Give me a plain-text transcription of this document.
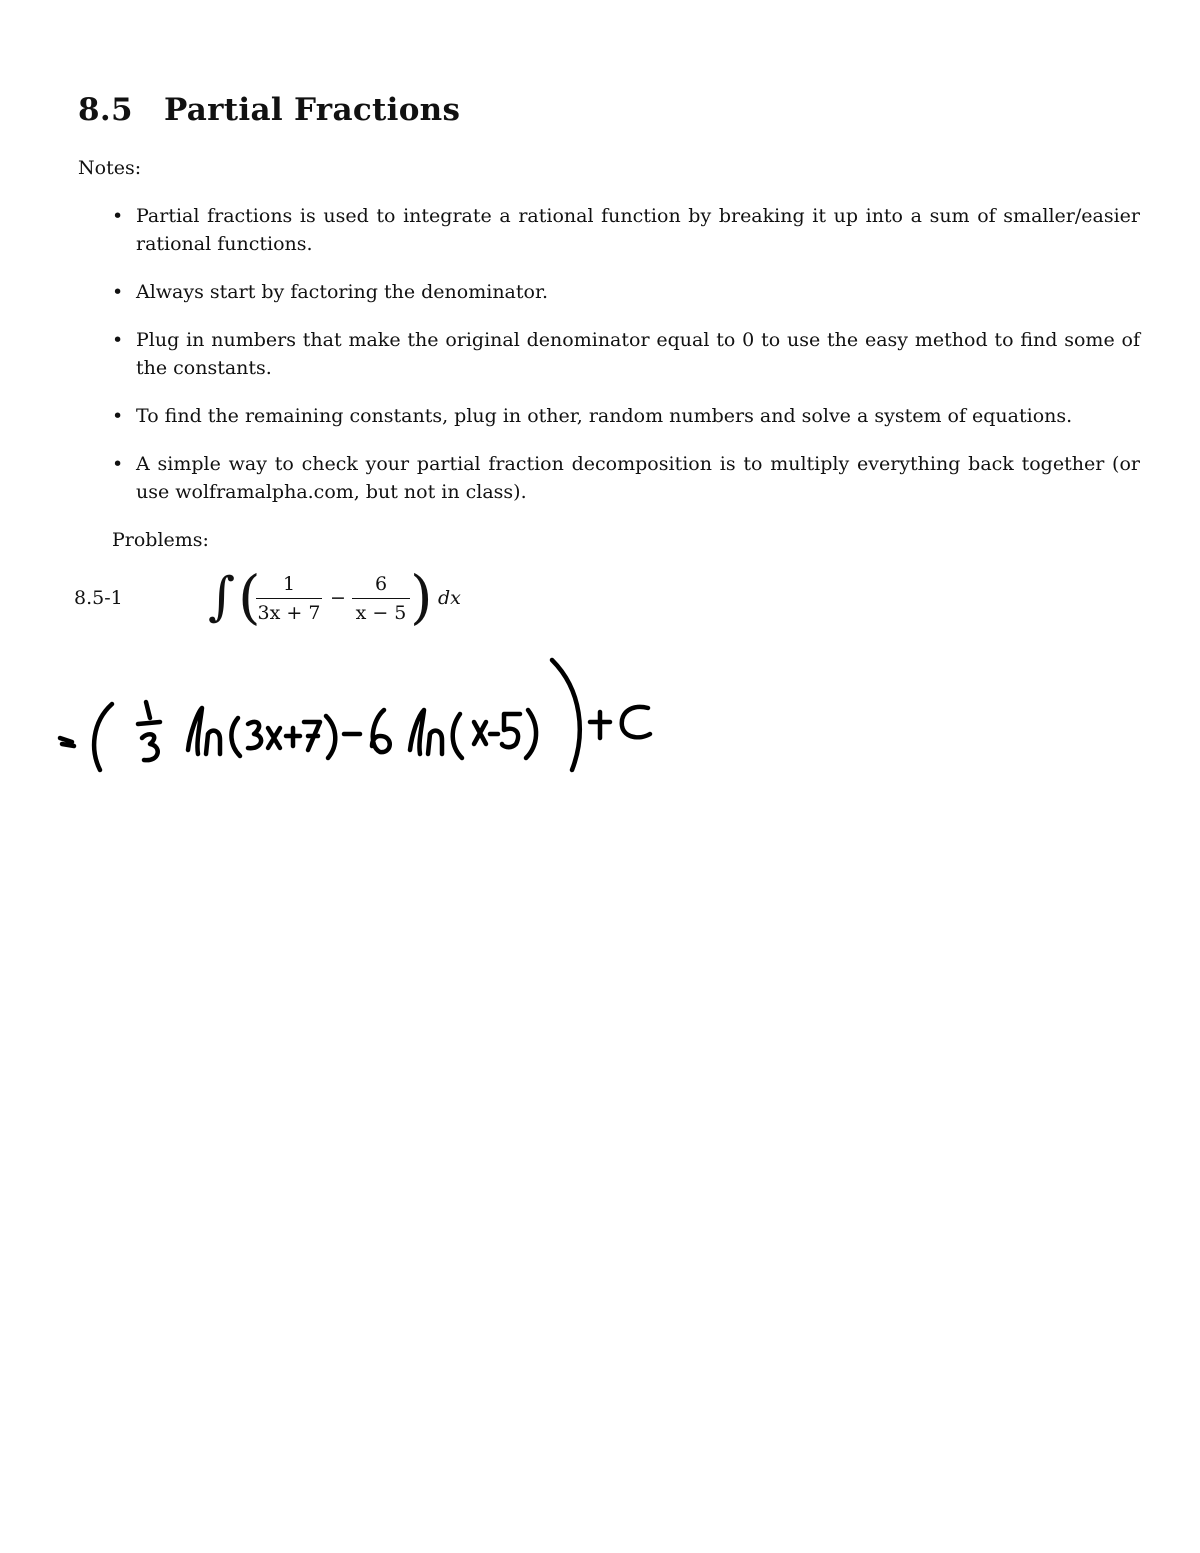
8.5 Partial Fractions
Notes:
• Partial fractions is used to integrate a rational function by breaking it up into a sum of smaller/easier rational functions.
• Always start by factoring the denominator.
• Plug in numbers that make the original denominator equal to 0 to use the easy method to find some of the constants.
• To find the remaining constants, plug in other, random numbers and solve a system of equations.
• A simple way to check your partial fraction decomposition is to multiply everything back together (or use wolframalpha.com, but not in class).
Problems:
8.5-1 ∫ (	1
3x + 7
−
6
x − 5 ) dx
